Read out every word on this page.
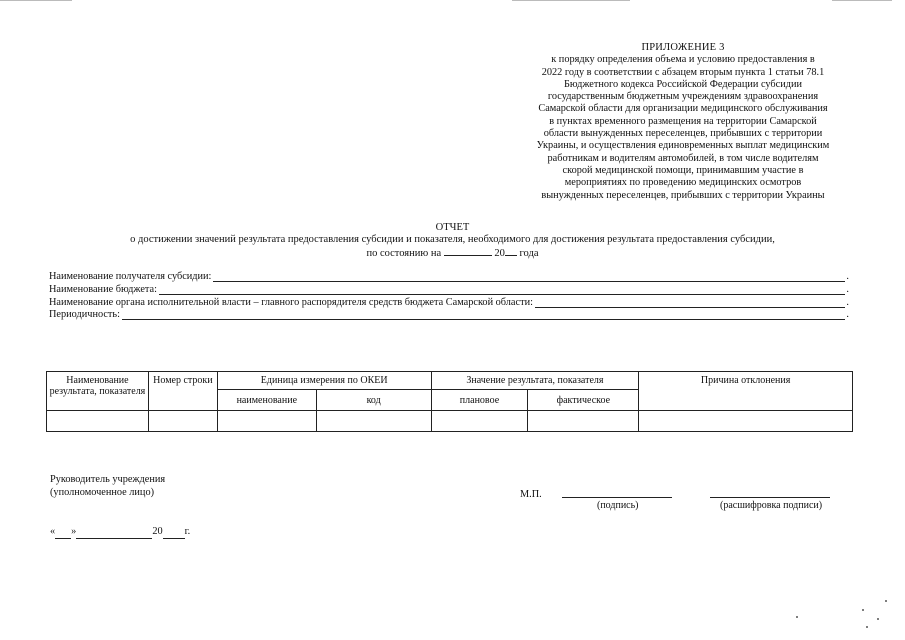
ПРИЛОЖЕНИЕ 3
к порядку определения объема и условию предоставления в
2022 году в соответствии с абзацем вторым пункта 1 статьи 78.1
Бюджетного кодекса Российской Федерации субсидии
государственным бюджетным учреждениям здравоохранения
Самарской области для организации медицинского обслуживания
в пунктах временного размещения на территории Самарской
области вынужденных переселенцев, прибывших с территории
Украины, и осуществления единовременных выплат медицинским
работникам и водителям автомобилей, в том числе водителям
скорой медицинской помощи, принимавшим участие в
мероприятиях по проведению медицинских осмотров
вынужденных переселенцев, прибывших с территории Украины
ОТЧЕТ
о достижении значений результата предоставления субсидии и показателя, необходимого для достижения результата предоставления субсидии,
по состоянию на	20 года
Наименование получателя субсидии:	.
Наименование бюджета:	.
Наименование органа исполнительной власти – главного распорядителя средств бюджета Самарской области:	.
Периодичность:	.
Наименование результата, показателя	Номер строки	Единица измерения по ОКЕИ		Значение результата, показателя		Причина отклонения
		наименование	код	плановое	фактическое	

Руководитель учреждения
(уполномоченное лицо)	М.П.
(подпись)	(расшифровка подписи)
« »	20 г.
